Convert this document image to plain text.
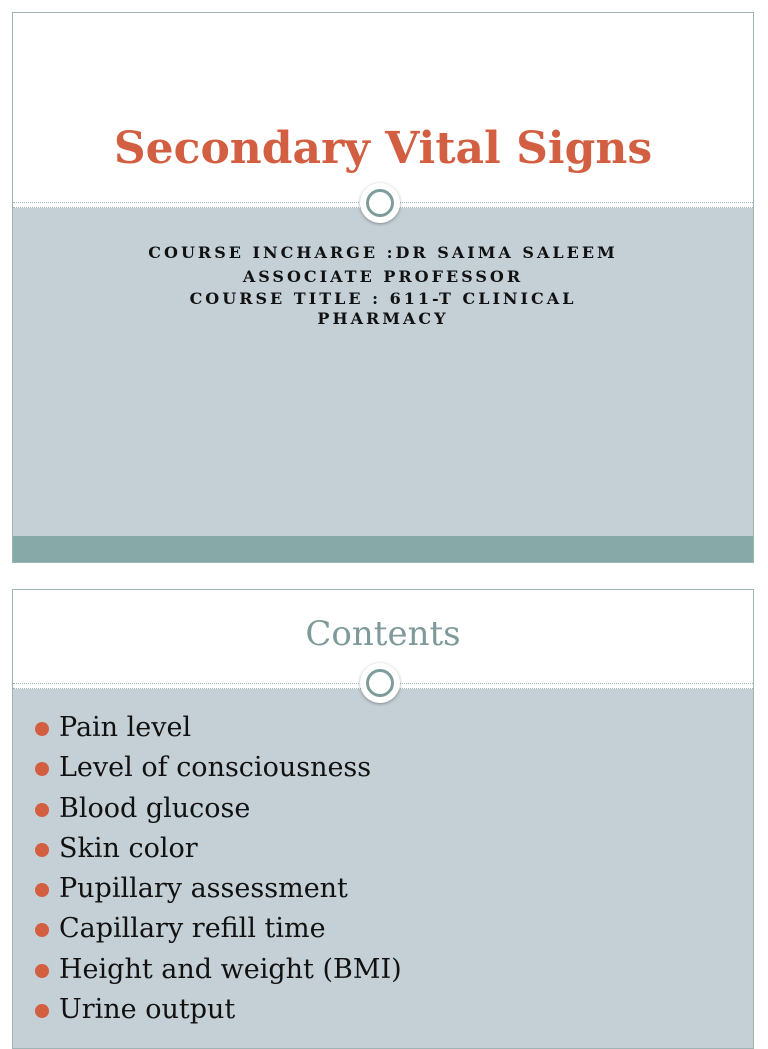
Secondary Vital Signs
COURSE INCHARGE :DR SAIMA SALEEM
ASSOCIATE PROFESSOR
COURSE TITLE : 611-T CLINICAL PHARMACY
Contents
Pain level
Level of consciousness
Blood glucose
Skin color
Pupillary assessment
Capillary refill time
Height and weight (BMI)
Urine output
